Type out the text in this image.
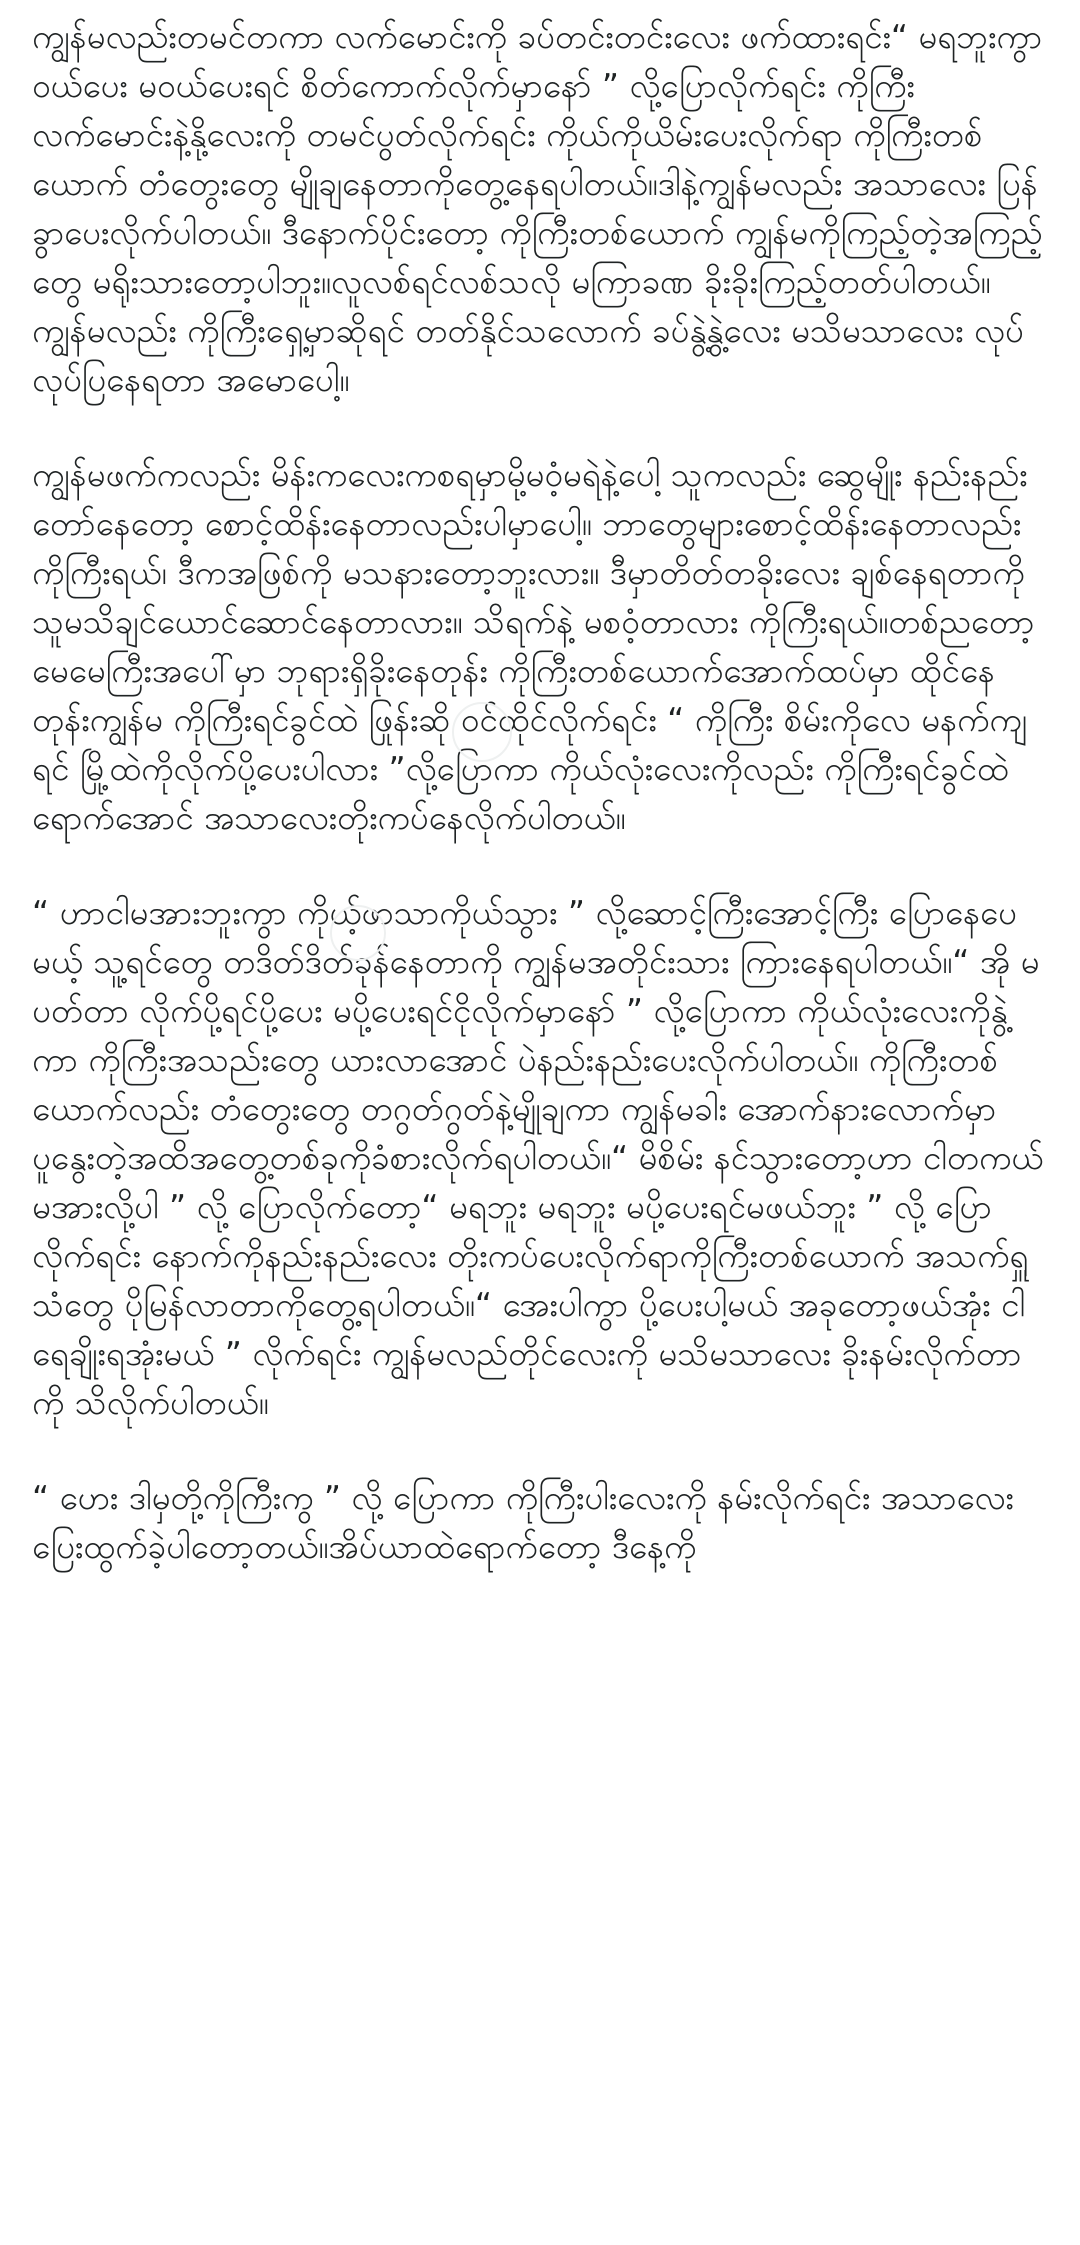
ကျွန်မလည်းတမင်တကာ လက်မောင်းကို ခပ်တင်းတင်းလေး ဖက်ထားရင်း“ မရဘူးကွာ ဝယ်ပေး မဝယ်ပေးရင် စိတ်ကောက်လိုက်မှာနော် ” လို့ပြောလိုက်ရင်း ကိုကြီးလက်မောင်းနဲ့နို့လေးကို တမင်ပွတ်လိုက်ရင်း ကိုယ်ကိုယိမ်းပေးလိုက်ရာ ကိုကြီးတစ်ယောက် တံတွေးတွေ မျိုချနေတာကိုတွေ့နေရပါတယ်။ဒါနဲ့ကျွန်မလည်း အသာလေး ပြန်ခွာပေးလိုက်ပါတယ်။ ဒီနောက်ပိုင်းတော့ ကိုကြီးတစ်ယောက် ကျွန်မကိုကြည့်တဲ့အကြည့်တွေ မရိုးသားတော့ပါဘူး။လူလစ်ရင်လစ်သလို မကြာခဏ ခိုးခိုးကြည့်တတ်ပါတယ်။ ကျွန်မလည်း ကိုကြီးရှေ့မှာဆိုရင် တတ်နိုင်သလောက် ခပ်နွဲ့နွဲ့လေး မသိမသာလေး လုပ်လုပ်ပြနေရတာ အမောပေါ့။

ကျွန်မဖက်ကလည်း မိန်းကလေးကစရမှာမို့မဝံ့မရဲနဲ့ပေါ့ သူကလည်း ဆွေမျိုး နည်းနည်းတော်နေတော့ စောင့်ထိန်းနေတာလည်းပါမှာပေါ့။ ဘာတွေများစောင့်ထိန်းနေတာလည်းကိုကြီးရယ်၊ ဒီကအဖြစ်ကို မသနားတော့ဘူးလား။ ဒီမှာတိတ်တခိုးလေး ချစ်နေရတာကို သူမသိချင်ယောင်ဆောင်နေတာလား။ သိရက်နဲ့ မစဝံ့တာလား ကိုကြီးရယ်။တစ်ညတော့ မေမေကြီးအပေါ်မှာ ဘုရားရှိခိုးနေတုန်း ကိုကြီးတစ်ယောက်အောက်ထပ်မှာ ထိုင်နေတုန်းကျွန်မ ကိုကြီးရင်ခွင်ထဲ ဖြုန်းဆို ဝင်ထိုင်လိုက်ရင်း “ ကိုကြီး စိမ်းကိုလေ မနက်ကျရင် မြို့ထဲကိုလိုက်ပို့ပေးပါလား ”လို့ပြောကာ ကိုယ်လုံးလေးကိုလည်း ကိုကြီးရင်ခွင်ထဲ ရောက်အောင် အသာလေးတိုးကပ်နေလိုက်ပါတယ်။

“ ဟာငါမအားဘူးကွာ ကိုယ့်ဖာသာကိုယ်သွား ” လို့ဆောင့်ကြီးအောင့်ကြီး ပြောနေပေမယ့် သူ့ရင်တွေ တဒိတ်ဒိတ်ခုန်နေတာကို ကျွန်မအတိုင်းသား ကြားနေရပါတယ်။“ အို မပတ်တာ လိုက်ပို့ရင်ပို့ပေး မပို့ပေးရင်ငိုလိုက်မှာနော် ” လို့ပြောကာ ကိုယ်လုံးလေးကိုနွဲ့ကာ ကိုကြီးအသည်းတွေ ယားလာအောင် ပဲနည်းနည်းပေးလိုက်ပါတယ်။ ကိုကြီးတစ်ယောက်လည်း တံတွေးတွေ တဂွတ်ဂွတ်နဲ့မျိုချကာ ကျွန်မခါး အောက်နားလောက်မှာ ပူနွေးတဲ့အထိအတွေ့တစ်ခုကိုခံစားလိုက်ရပါတယ်။“ မိစိမ်း နင်သွားတော့ဟာ ငါတကယ် မအားလို့ပါ ” လို့ ပြောလိုက်တော့“ မရဘူး မရဘူး မပို့ပေးရင်မဖယ်ဘူး ” လို့ ပြောလိုက်ရင်း နောက်ကိုနည်းနည်းလေး တိုးကပ်ပေးလိုက်ရာကိုကြီးတစ်ယောက် အသက်ရှူသံတွေ ပိုမြန်လာတာကိုတွေ့ရပါတယ်။“ အေးပါကွာ ပို့ပေးပါ့မယ် အခုတော့ဖယ်အုံး ငါရေချိုးရအုံးမယ် ” လိုက်ရင်း ကျွန်မလည်တိုင်လေးကို မသိမသာလေး ခိုးနမ်းလိုက်တာကို သိလိုက်ပါတယ်။

“ ဟေး ဒါမှတို့ကိုကြီးကွ ” လို့ ပြောကာ ကိုကြီးပါးလေးကို နမ်းလိုက်ရင်း အသာလေးပြေးထွက်ခဲ့ပါတော့တယ်။အိပ်ယာထဲရောက်တော့ ဒီနေ့ကို
